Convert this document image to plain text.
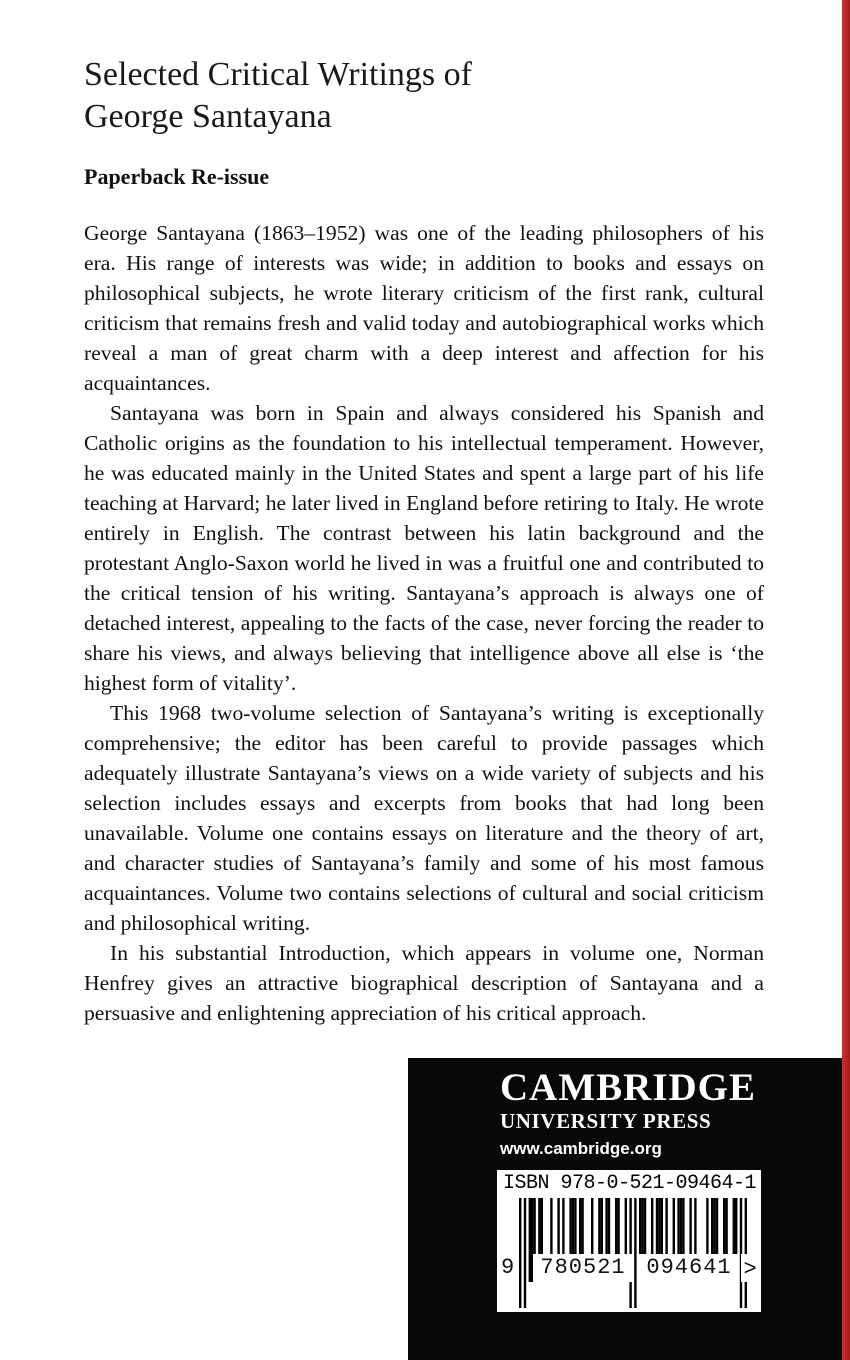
Selected Critical Writings of
George Santayana
Paperback Re-issue

George Santayana (1863–1952) was one of the leading philosophers of his era. His range of interests was wide; in addition to books and essays on philosophical subjects, he wrote literary criticism of the first rank, cultural criticism that remains fresh and valid today and autobiographical works which reveal a man of great charm with a deep interest and affection for his acquaintances.

Santayana was born in Spain and always considered his Spanish and Catholic origins as the foundation to his intellectual temperament. However, he was educated mainly in the United States and spent a large part of his life teaching at Harvard; he later lived in England before retiring to Italy. He wrote entirely in English. The contrast between his latin background and the protestant Anglo-Saxon world he lived in was a fruitful one and contributed to the critical tension of his writing. Santayana’s approach is always one of detached interest, appealing to the facts of the case, never forcing the reader to share his views, and always believing that intelligence above all else is ‘the highest form of vitality’.

This 1968 two-volume selection of Santayana’s writing is exceptionally comprehensive; the editor has been careful to provide passages which adequately illustrate Santayana’s views on a wide variety of subjects and his selection includes essays and excerpts from books that had long been unavailable. Volume one contains essays on literature and the theory of art, and character studies of Santayana’s family and some of his most famous acquaintances. Volume two contains selections of cultural and social criticism and philosophical writing.

In his substantial Introduction, which appears in volume one, Norman Henfrey gives an attractive biographical description of Santayana and a persuasive and enlightening appreciation of his critical approach.

CAMBRIDGE
UNIVERSITY PRESS
www.cambridge.org
ISBN 978-0-521-09464-1
9	780521 094641 >
